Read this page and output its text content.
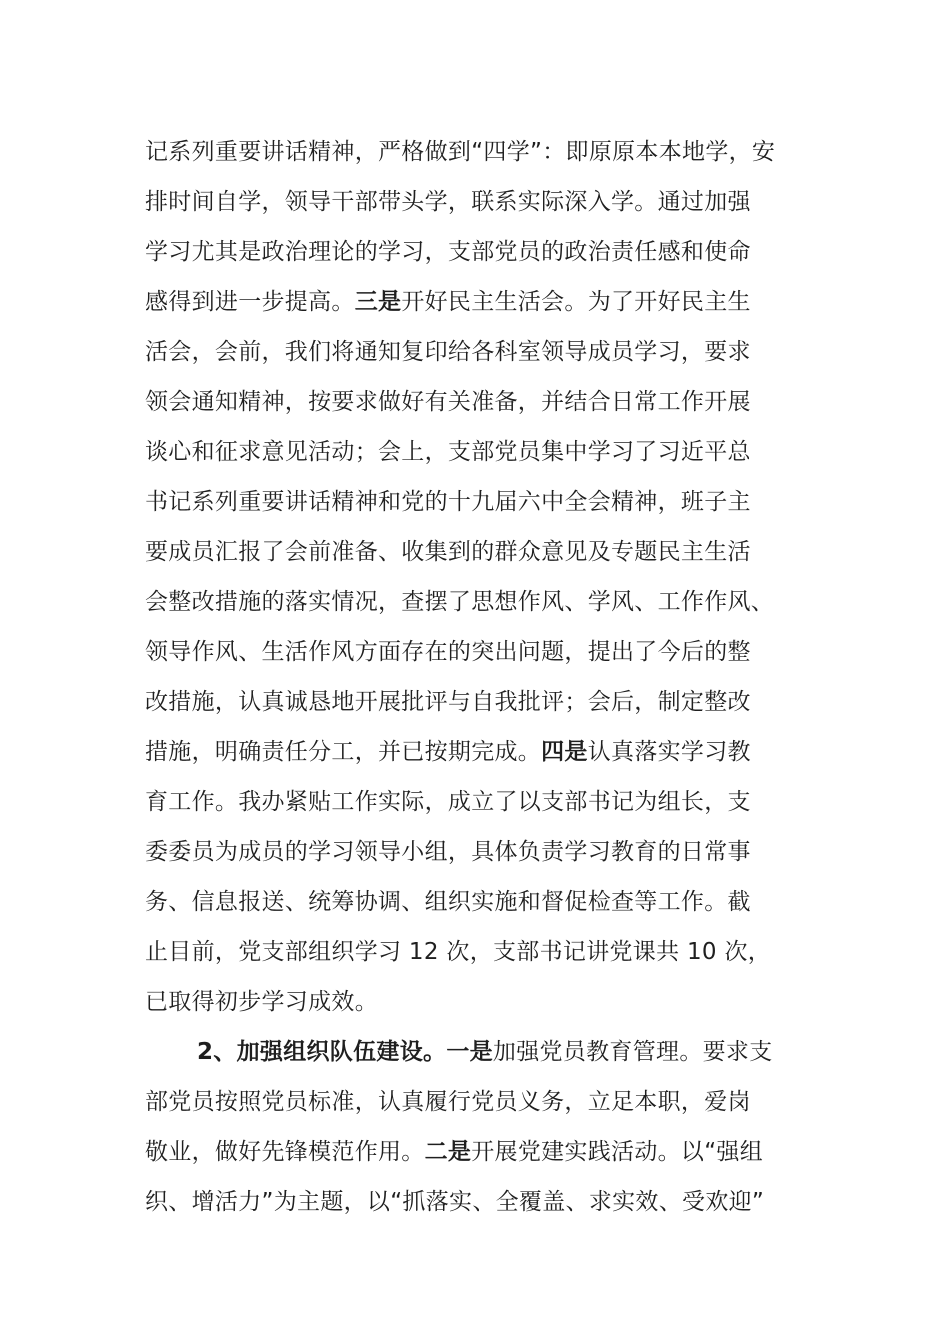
记系列重要讲话精神，严格做到“四学”：即原原本本地学，安
排时间自学，领导干部带头学，联系实际深入学。通过加强
学习尤其是政治理论的学习，支部党员的政治责任感和使命
感得到进一步提高。三是开好民主生活会。为了开好民主生
活会，会前，我们将通知复印给各科室领导成员学习，要求
领会通知精神，按要求做好有关准备，并结合日常工作开展
谈心和征求意见活动；会上，支部党员集中学习了习近平总
书记系列重要讲话精神和党的十九届六中全会精神，班子主
要成员汇报了会前准备、收集到的群众意见及专题民主生活
会整改措施的落实情况，查摆了思想作风、学风、工作作风、
领导作风、生活作风方面存在的突出问题，提出了今后的整
改措施，认真诚恳地开展批评与自我批评；会后，制定整改
措施，明确责任分工，并已按期完成。四是认真落实学习教
育工作。我办紧贴工作实际，成立了以支部书记为组长，支
委委员为成员的学习领导小组，具体负责学习教育的日常事
务、信息报送、统筹协调、组织实施和督促检查等工作。截
止目前，党支部组织学习 12 次，支部书记讲党课共 10 次，
已取得初步学习成效。
2、加强组织队伍建设。一是加强党员教育管理。要求支
部党员按照党员标准，认真履行党员义务，立足本职，爱岗
敬业，做好先锋模范作用。二是开展党建实践活动。以“强组
织、增活力”为主题，以“抓落实、全覆盖、求实效、受欢迎”
